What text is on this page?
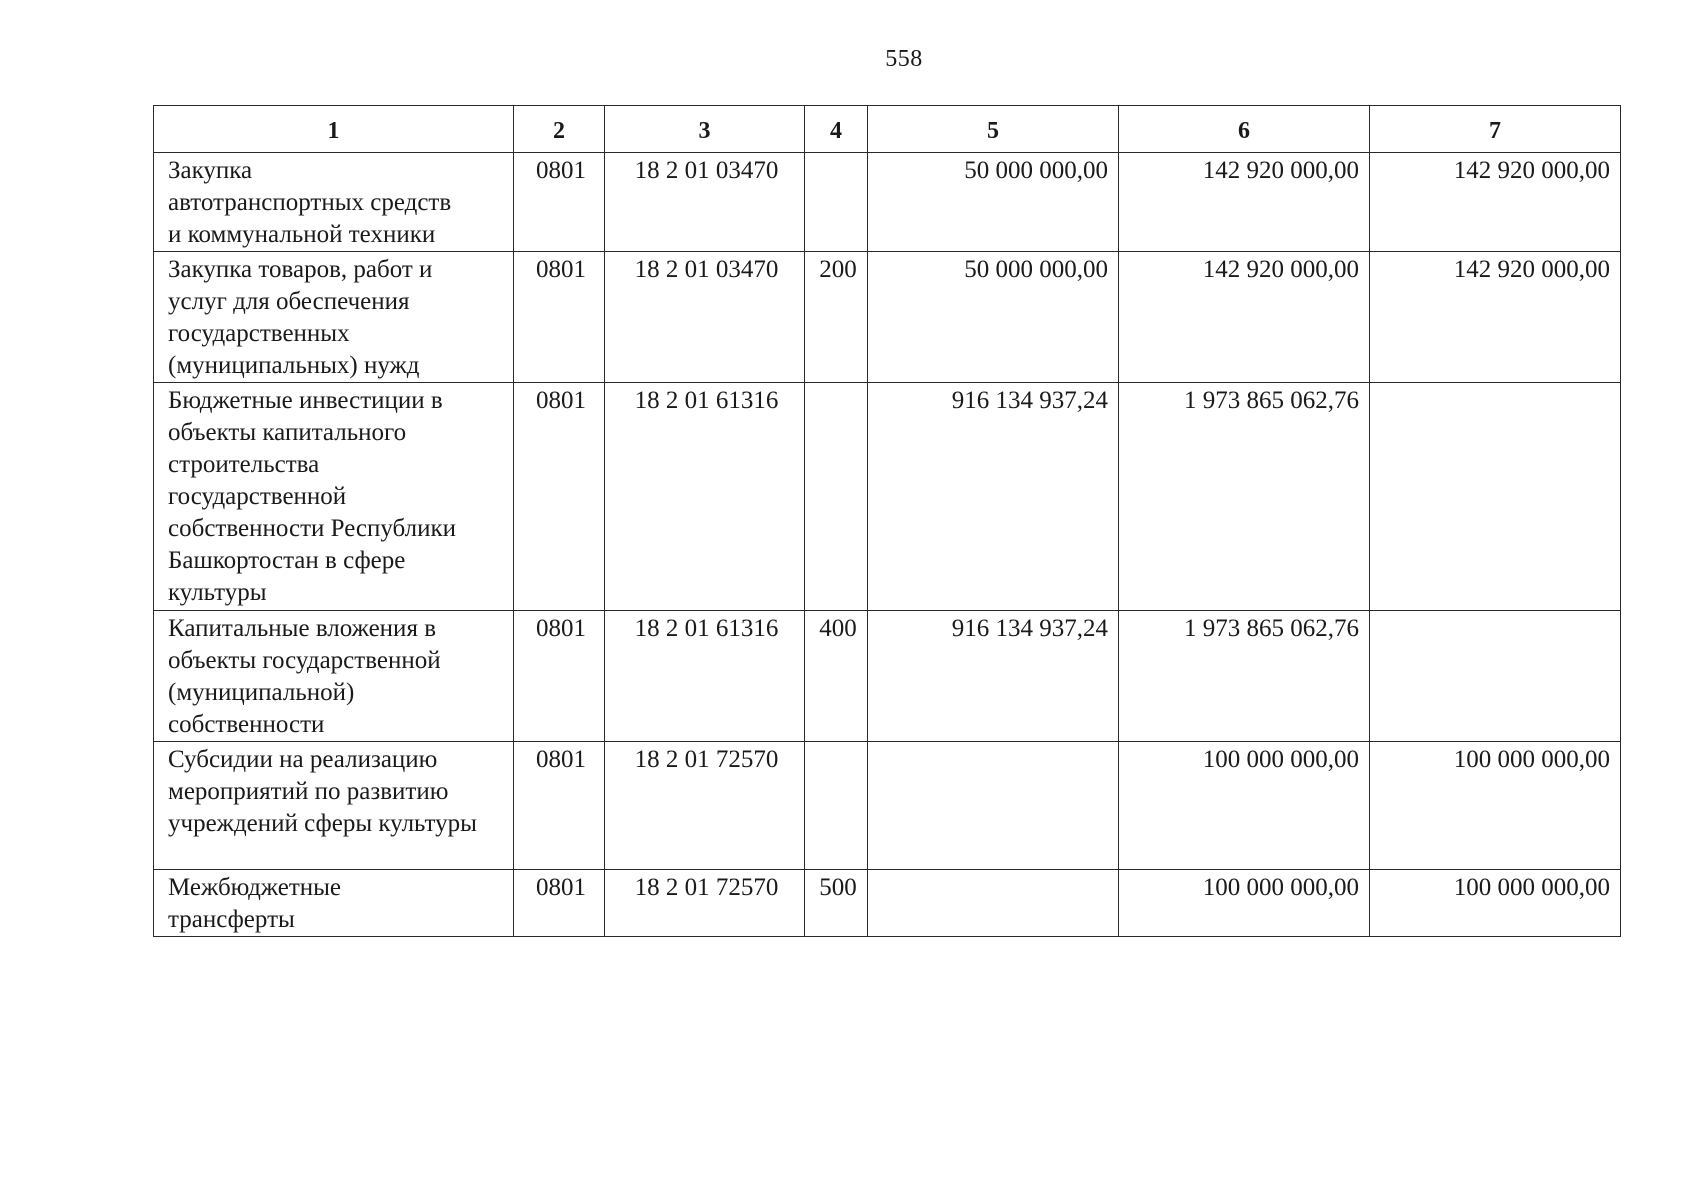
558
1	2	3	4	5	6	7
Закупка автотранспортных средств и коммунальной техники	0801	18 2 01 03470		50 000 000,00	142 920 000,00	142 920 000,00
Закупка товаров, работ и услуг для обеспечения государственных (муниципальных) нужд	0801	18 2 01 03470	200	50 000 000,00	142 920 000,00	142 920 000,00
Бюджетные инвестиции в объекты капитального строительства государственной собственности Республики Башкортостан в сфере культуры	0801	18 2 01 61316		916 134 937,24	1 973 865 062,76	
Капитальные вложения в объекты государственной (муниципальной) собственности	0801	18 2 01 61316	400	916 134 937,24	1 973 865 062,76	
Субсидии на реализацию мероприятий по развитию учреждений сферы культуры	0801	18 2 01 72570			100 000 000,00	100 000 000,00
Межбюджетные трансферты	0801	18 2 01 72570	500		100 000 000,00	100 000 000,00
